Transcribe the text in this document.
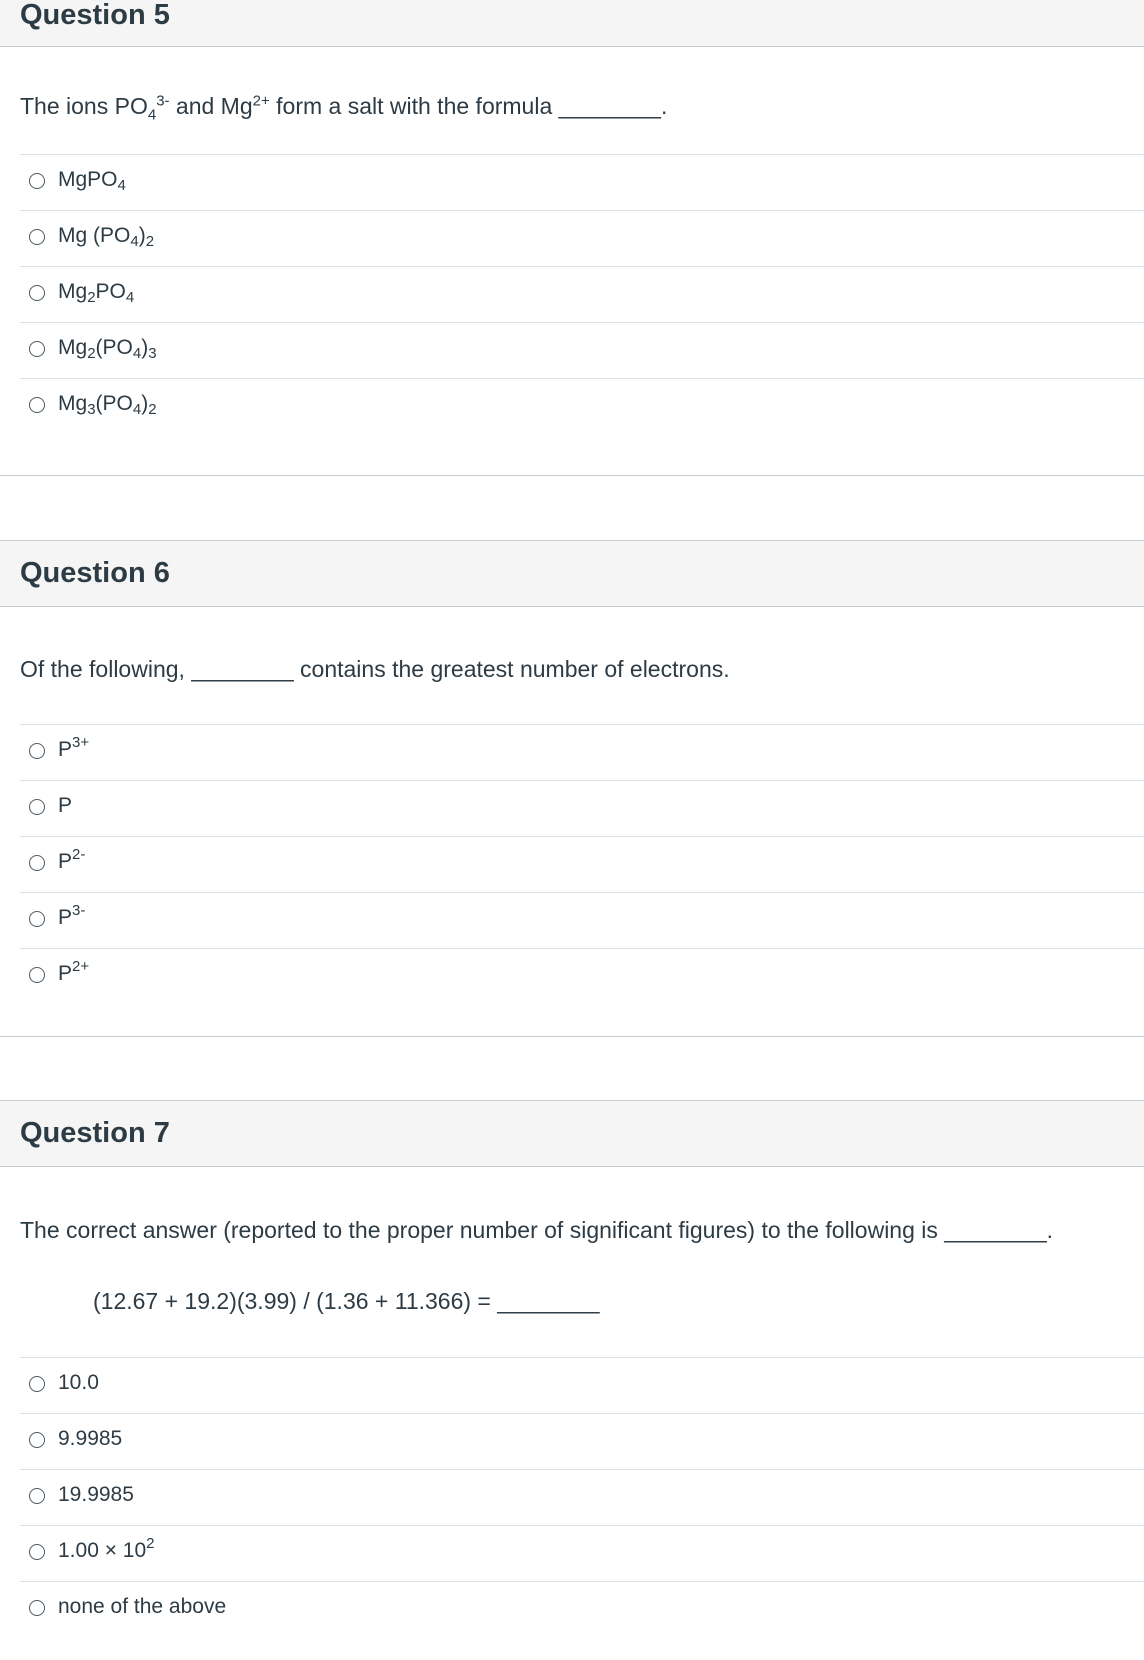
Question 5
The ions $PO_4^{3-}$ and $Mg^{2+}$ form a salt with the formula ________.
MgPO$_4$
Mg $(PO_4)_2$
$Mg_2PO_4$
$Mg_2(PO_4)_3$
$Mg_3(PO_4)_2$
Question 6
Of the following, ________ contains the greatest number of electrons.
$P^{3+}$
P
$P^{2-}$
$P^{3-}$
$P^{2+}$
Question 7
The correct answer (reported to the proper number of significant figures) to the following is ________.
(12.67 + 19.2)(3.99) / (1.36 + 11.366) = ________
10.0
9.9985
19.9985
$1.00 \times 10^2$
none of the above
